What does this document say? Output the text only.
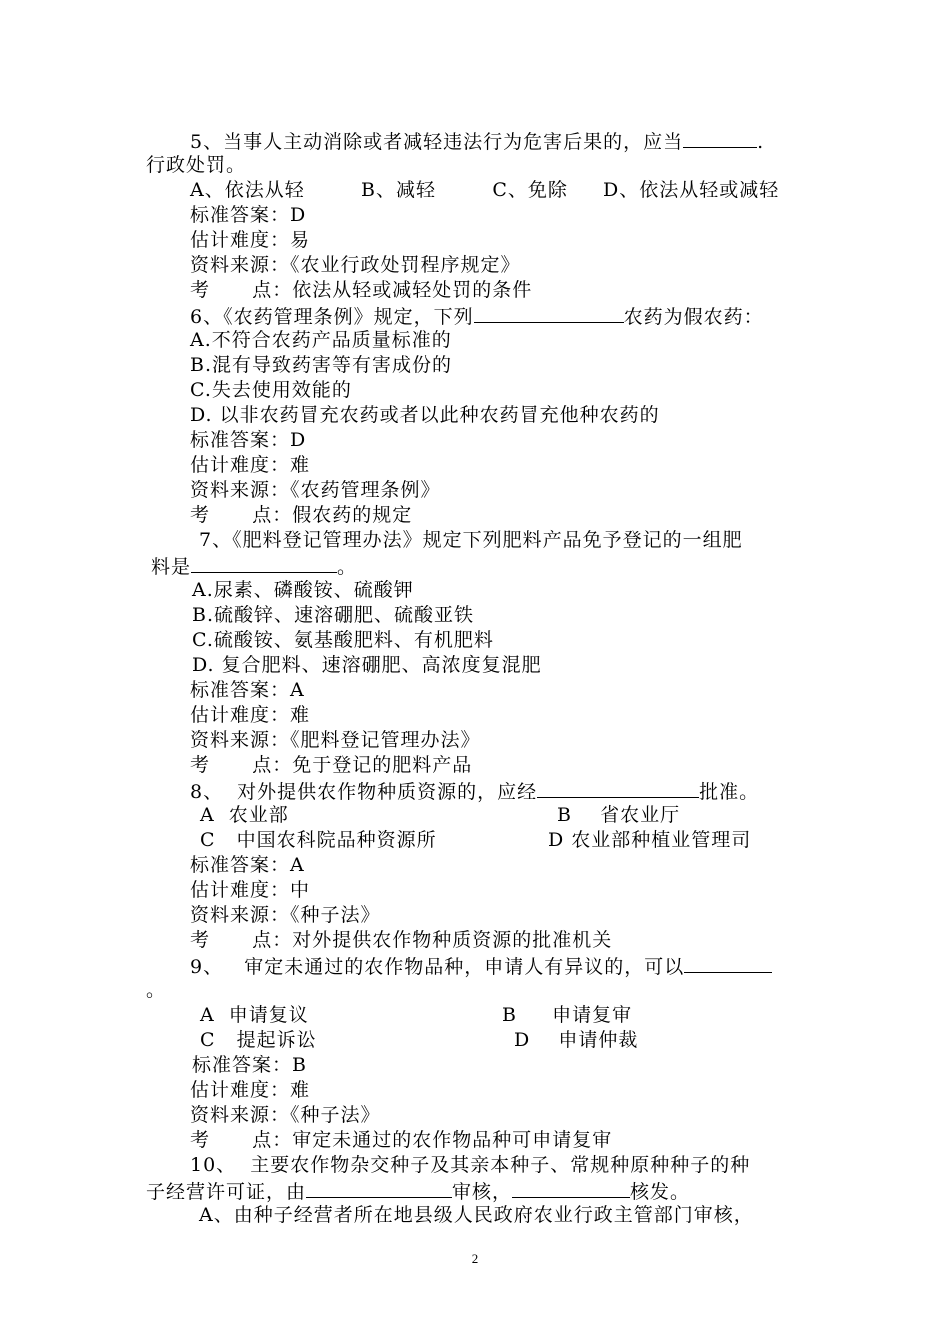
5、当事人主动消除或者减轻违法行为危害后果的，应当	.
行政处罚。
A、依法从轻        B、减轻        C、免除     D、依法从轻或减轻
标准答案：D
估计难度：易
资料来源：《农业行政处罚程序规定》
考      点：依法从轻或减轻处罚的条件
6、《农药管理条例》规定，下列	农药为假农药：
A.不符合农药产品质量标准的
B.混有导致药害等有害成份的
C.失去使用效能的
D. 以非农药冒充农药或者以此种农药冒充他种农药的
标准答案：D
估计难度：难
资料来源：《农药管理条例》
考      点：假农药的规定
7、《肥料登记管理办法》规定下列肥料产品免予登记的一组肥
料是	。
A.尿素、磷酸铵、硫酸钾
B.硫酸锌、速溶硼肥、硫酸亚铁
C.硫酸铵、氨基酸肥料、有机肥料
D. 复合肥料、速溶硼肥、高浓度复混肥
标准答案：A
估计难度：难
资料来源：《肥料登记管理办法》
考      点：免于登记的肥料产品
8、  对外提供农作物种质资源的，应经	批准。
A  农业部	B    省农业厅
C   中国农科院品种资源所	D 农业部种植业管理司
标准答案：A
估计难度：中
资料来源：《种子法》
考      点：对外提供农作物种质资源的批准机关
9、   审定未通过的农作物品种，申请人有异议的，可以
。
A  申请复议	B     申请复审
C   提起诉讼	D    申请仲裁
标准答案：B
估计难度：难
资料来源：《种子法》
考      点：审定未通过的农作物品种可申请复审
10、  主要农作物杂交种子及其亲本种子、常规种原种种子的种
子经营许可证，由	审核，	核发。
A、由种子经营者所在地县级人民政府农业行政主管部门审核，
2
